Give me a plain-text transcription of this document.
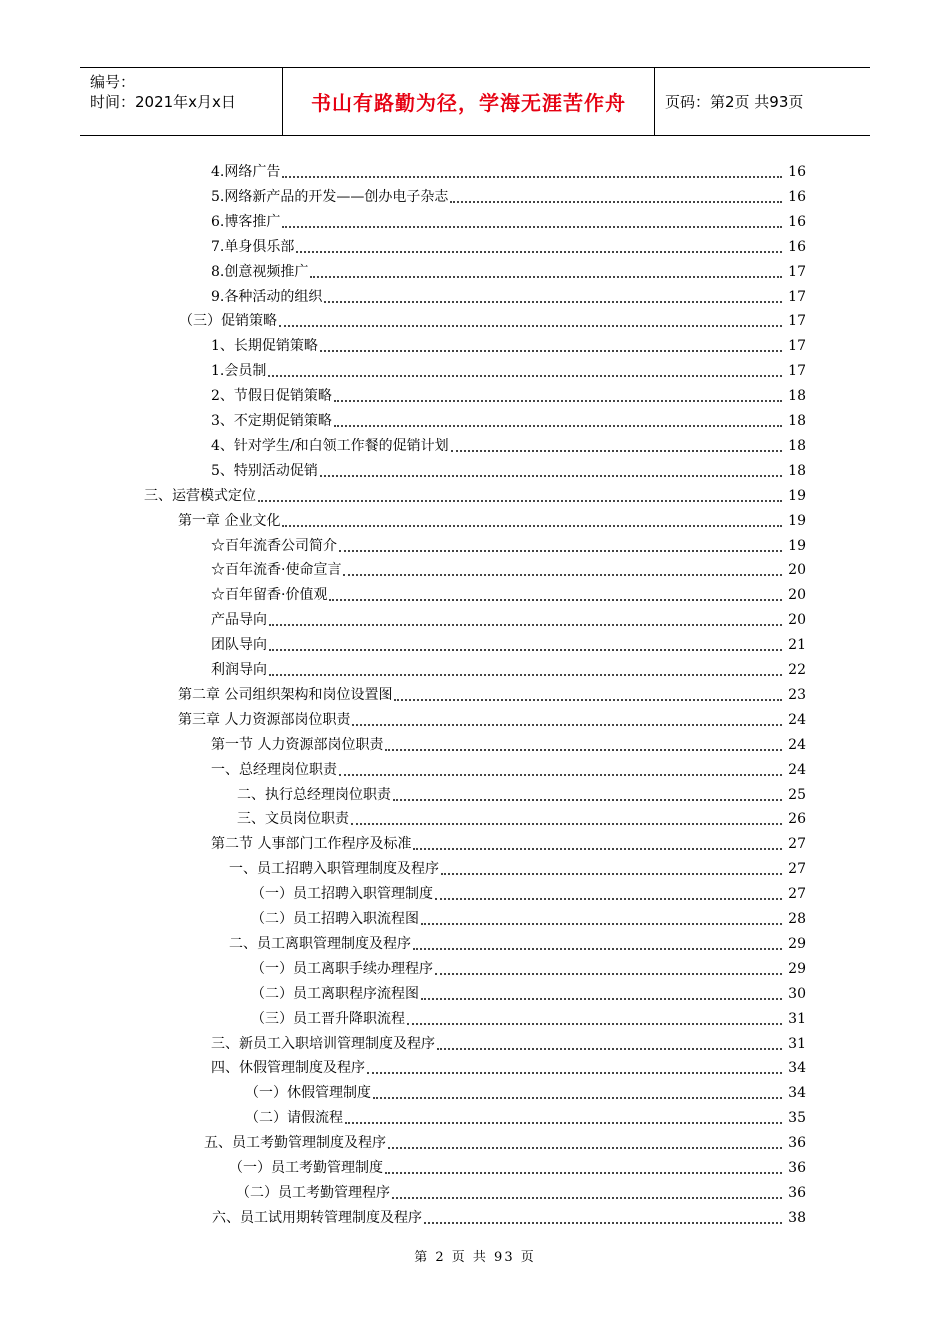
编号：
时间：2021年x月x日	书山有路勤为径，学海无涯苦作舟	页码：第2页 共93页
4.网络广告	16
5.网络新产品的开发——创办电子杂志	16
6.博客推广	16
7.单身俱乐部	16
8.创意视频推广	17
9.各种活动的组织	17
（三）促销策略	17
1、长期促销策略	17
1.会员制	17
2、节假日促销策略	18
3、不定期促销策略	18
4、针对学生/和白领工作餐的促销计划	18
5、特别活动促销	18
三、运营模式定位	19
第一章 企业文化	19
☆百年流香公司简介	19
☆百年流香·使命宣言	20
☆百年留香·价值观	20
产品导向	20
团队导向	21
利润导向	22
第二章 公司组织架构和岗位设置图	23
第三章 人力资源部岗位职责	24
第一节 人力资源部岗位职责	24
一、总经理岗位职责	24
二、执行总经理岗位职责	25
三、文员岗位职责	26
第二节 人事部门工作程序及标准	27
一、员工招聘入职管理制度及程序	27
（一）员工招聘入职管理制度	27
（二）员工招聘入职流程图	28
二、员工离职管理制度及程序	29
（一）员工离职手续办理程序	29
（二）员工离职程序流程图	30
（三）员工晋升降职流程	31
三、新员工入职培训管理制度及程序	31
四、休假管理制度及程序	34
（一）休假管理制度	34
（二）请假流程	35
五、员工考勤管理制度及程序	36
（一）员工考勤管理制度	36
（二）员工考勤管理程序	36
六、员工试用期转管理制度及程序	38
第 2 页 共 93 页
